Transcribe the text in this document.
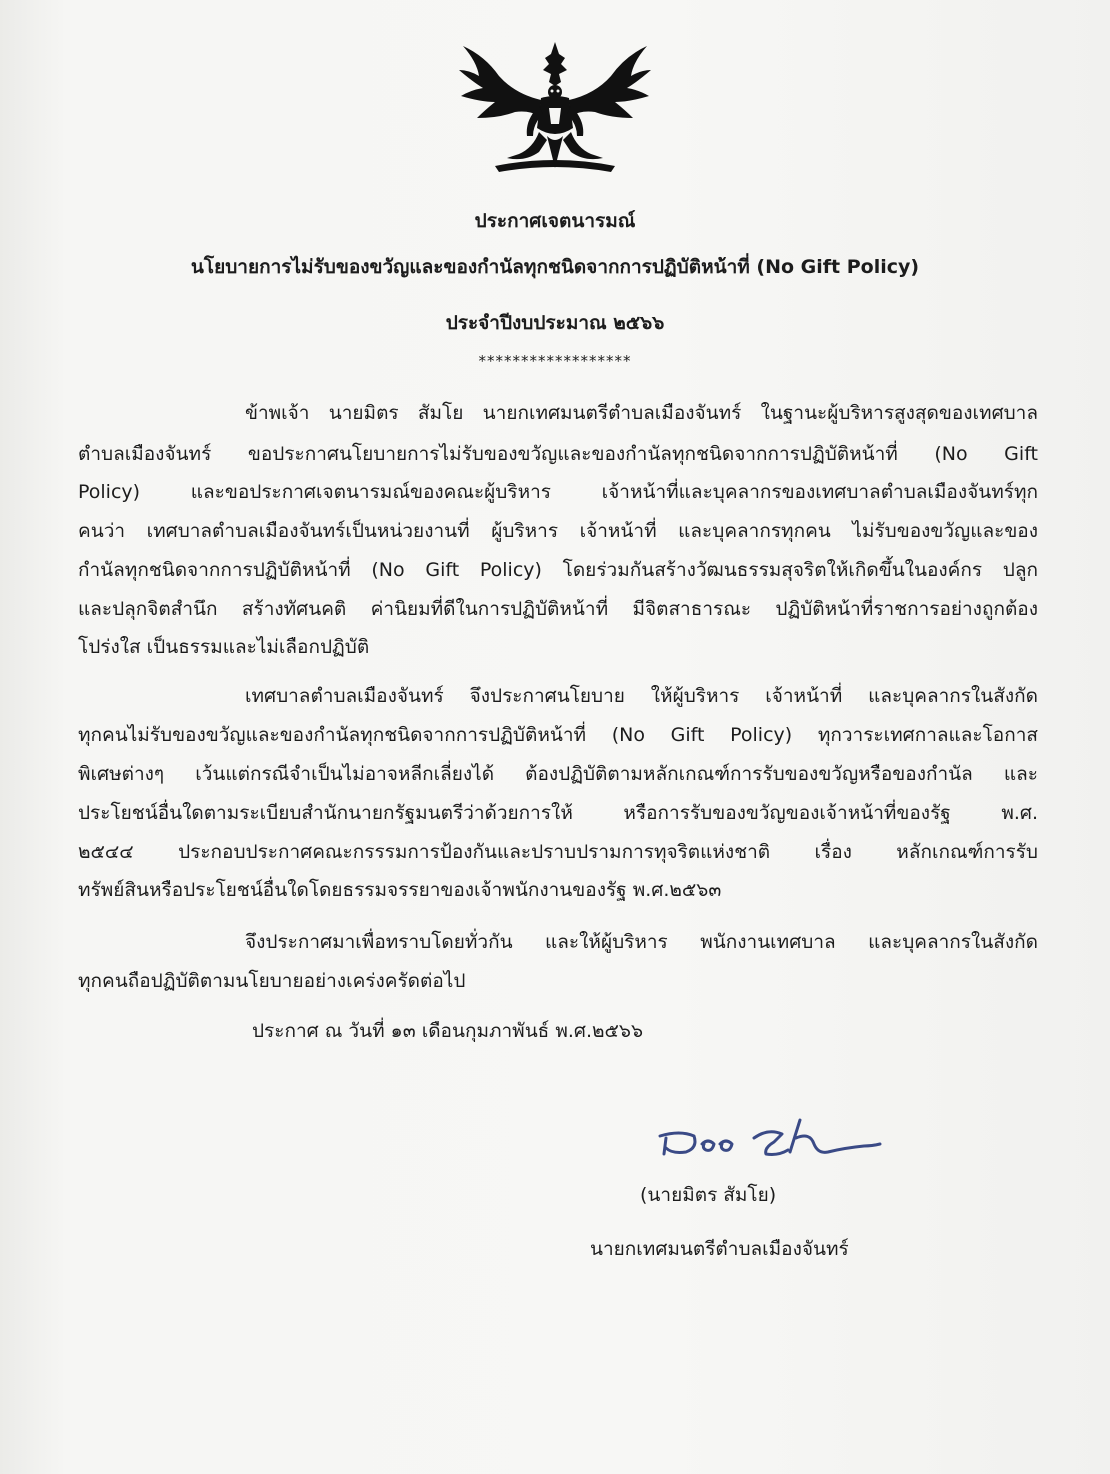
ประกาศเจตนารมณ์
นโยบายการไม่รับของขวัญและของกำนัลทุกชนิดจากการปฏิบัติหน้าที่ (No Gift Policy)
ประจำปีงบประมาณ ๒๕๖๖
******************
ข้าพเจ้า นายมิตร สัมโย นายกเทศมนตรีตำบลเมืองจันทร์ ในฐานะผู้บริหารสูงสุดของเทศบาล
ตำบลเมืองจันทร์ ขอประกาศนโยบายการไม่รับของขวัญและของกำนัลทุกชนิดจากการปฏิบัติหน้าที่ (No Gift
Policy) และขอประกาศเจตนารมณ์ของคณะผู้บริหาร เจ้าหน้าที่และบุคลากรของเทศบาลตำบลเมืองจันทร์ทุก
คนว่า เทศบาลตำบลเมืองจันทร์เป็นหน่วยงานที่ ผู้บริหาร เจ้าหน้าที่ และบุคลากรทุกคน ไม่รับของขวัญและของ
กำนัลทุกชนิดจากการปฏิบัติหน้าที่ (No Gift Policy) โดยร่วมกันสร้างวัฒนธรรมสุจริตให้เกิดขึ้นในองค์กร ปลูก
และปลุกจิตสำนึก สร้างทัศนคติ ค่านิยมที่ดีในการปฏิบัติหน้าที่ มีจิตสาธารณะ ปฏิบัติหน้าที่ราชการอย่างถูกต้อง
โปร่งใส เป็นธรรมและไม่เลือกปฏิบัติ
เทศบาลตำบลเมืองจันทร์ จึงประกาศนโยบาย ให้ผู้บริหาร เจ้าหน้าที่ และบุคลากรในสังกัด
ทุกคนไม่รับของขวัญและของกำนัลทุกชนิดจากการปฏิบัติหน้าที่ (No Gift Policy) ทุกวาระเทศกาลและโอกาส
พิเศษต่างๆ เว้นแต่กรณีจำเป็นไม่อาจหลีกเลี่ยงได้ ต้องปฏิบัติตามหลักเกณฑ์การรับของขวัญหรือของกำนัล และ
ประโยชน์อื่นใดตามระเบียบสำนักนายกรัฐมนตรีว่าด้วยการให้ หรือการรับของขวัญของเจ้าหน้าที่ของรัฐ พ.ศ.
๒๕๔๔ ประกอบประกาศคณะกรรรมการป้องกันและปราบปรามการทุจริตแห่งชาติ เรื่อง หลักเกณฑ์การรับ
ทรัพย์สินหรือประโยชน์อื่นใดโดยธรรมจรรยาของเจ้าพนักงานของรัฐ พ.ศ.๒๕๖๓
จึงประกาศมาเพื่อทราบโดยทั่วกัน และให้ผู้บริหาร พนักงานเทศบาล และบุคลากรในสังกัด
ทุกคนถือปฏิบัติตามนโยบายอย่างเคร่งครัดต่อไป
ประกาศ ณ วันที่ ๑๓ เดือนกุมภาพันธ์ พ.ศ.๒๕๖๖
(นายมิตร สัมโย)
นายกเทศมนตรีตำบลเมืองจันทร์
